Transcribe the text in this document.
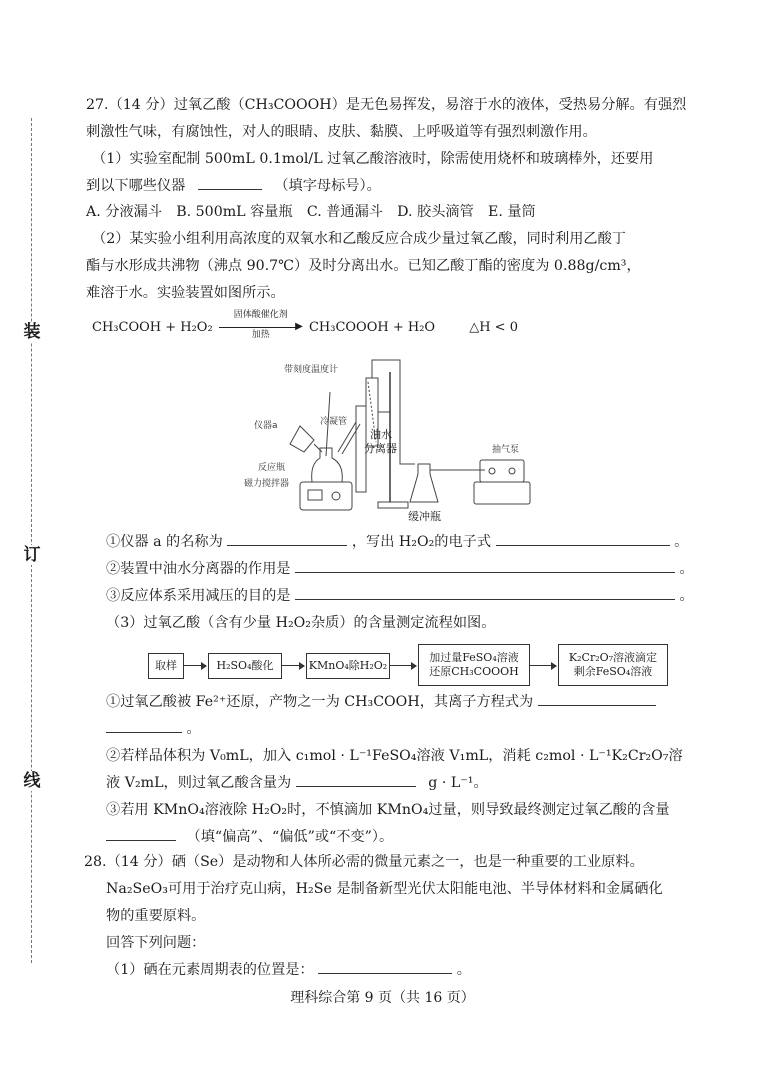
装
订
线
27.（14 分）过氧乙酸（CH₃COOOH）是无色易挥发，易溶于水的液体，受热易分解。有强烈
刺激性气味，有腐蚀性，对人的眼睛、皮肤、黏膜、上呼吸道等有强烈刺激作用。
（1）实验室配制 500mL 0.1mol/L 过氧乙酸溶液时，除需使用烧杯和玻璃棒外，还要用
到以下哪些仪器	（填字母标号）。
A. 分液漏斗　B. 500mL 容量瓶　C. 普通漏斗　D. 胶头滴管　E. 量筒
（2）某实验小组利用高浓度的双氧水和乙酸反应合成少量过氧乙酸，同时利用乙酸丁
酯与水形成共沸物（沸点 90.7℃）及时分离出水。已知乙酸丁酯的密度为 0.88g/cm³，
难溶于水。实验装置如图所示。
CH₃COOH + H₂O₂
固体酸催化剂
▶
加热	CH₃COOOH + H₂O	△H < 0
①仪器 a 的名称为	，写出 H₂O₂的电子式	。
②装置中油水分离器的作用是	。
③反应体系采用减压的目的是	。
（3）过氧乙酸（含有少量 H₂O₂杂质）的含量测定流程如图。
①过氧乙酸被 Fe²⁺还原，产物之一为 CH₃COOH，其离子方程式为
。
②若样品体积为 V₀mL，加入 c₁mol · L⁻¹FeSO₄溶液 V₁mL，消耗 c₂mol · L⁻¹K₂Cr₂O₇溶
液 V₂mL，则过氧乙酸含量为	g · L⁻¹。
③若用 KMnO₄溶液除 H₂O₂时，不慎滴加 KMnO₄过量，则导致最终测定过氧乙酸的含量
（填“偏高”、“偏低”或“不变”）。
28.（14 分）硒（Se）是动物和人体所必需的微量元素之一，也是一种重要的工业原料。
Na₂SeO₃可用于治疗克山病，H₂Se 是制备新型光伏太阳能电池、半导体材料和金属硒化
物的重要原料。
回答下列问题：
（1）硒在元素周期表的位置是：	。
带刻度温度计
仪器a	冷凝管
油水
分离器
反应瓶
磁力搅拌器
缓冲瓶
抽气泵
取样	H₂SO₄酸化	KMnO₄除H₂O₂
加过量FeSO₄溶液
还原CH₃COOOH
K₂Cr₂O₇溶液滴定
剩余FeSO₄溶液
理科综合第 9 页（共 16 页）
